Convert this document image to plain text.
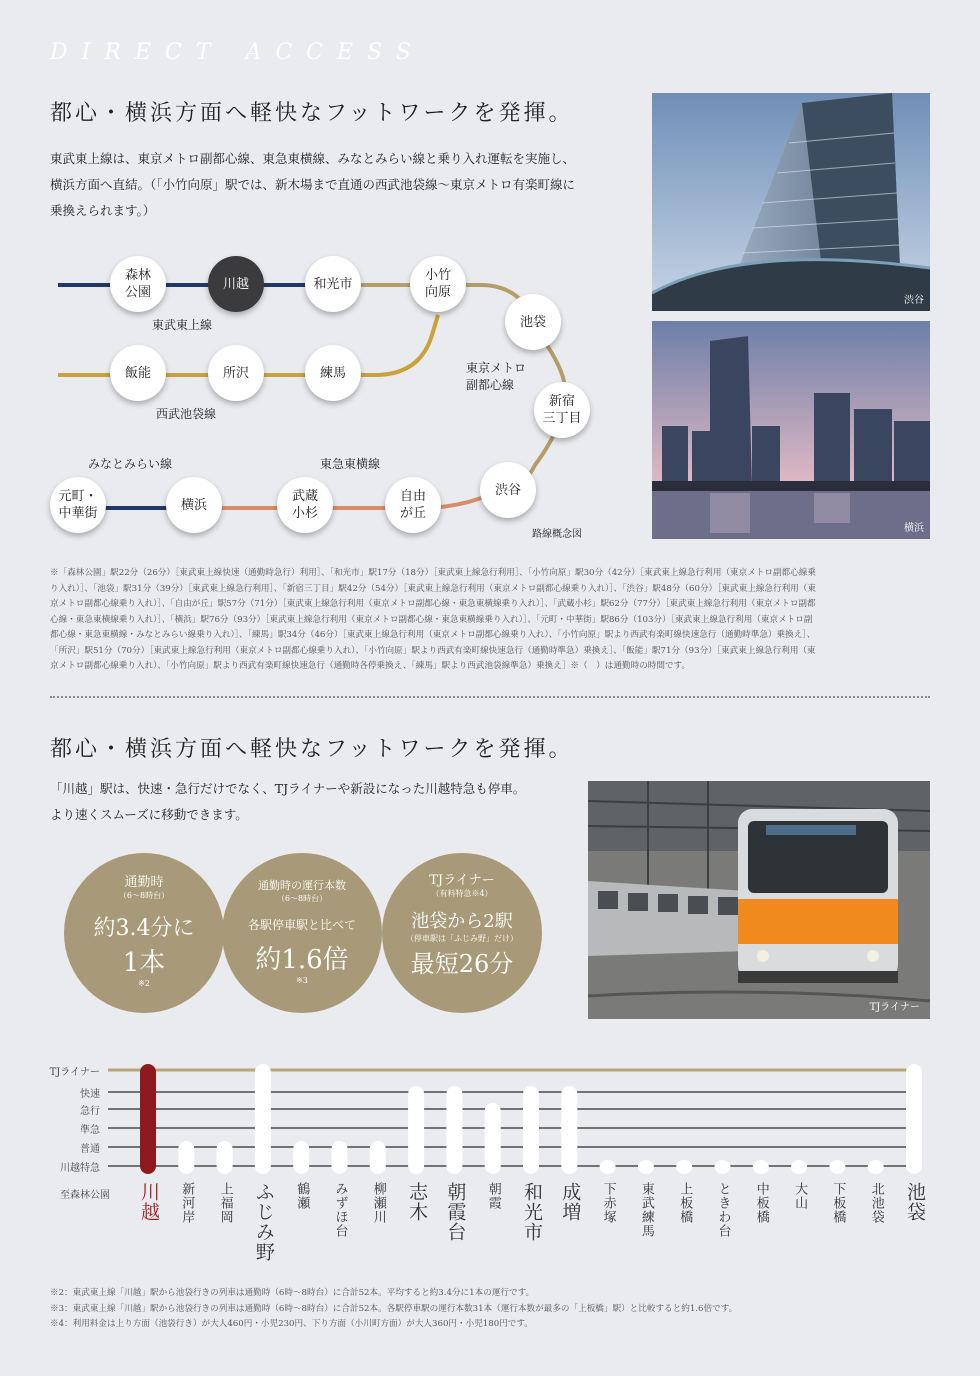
DIRECT ACCESS
都心・横浜方面へ軽快なフットワークを発揮。
東武東上線は、東京メトロ副都心線、東急東横線、みなとみらい線と乗り入れ運転を実施し、
横浜方面へ直結。（「小竹向原」駅では、新木場まで直通の西武池袋線〜東京メトロ有楽町線に
乗換えられます。）
渋谷
横浜
森林
公園
川越	和光市
小竹
向原
池袋
飯能	所沢	練馬
新宿
三丁目
渋谷
元町・
中華街
横浜
武蔵
小杉
自由
が丘
東武東上線
西武池袋線
東京メトロ
副都心線
みなとみらい線	東急東横線
路線概念図
※「森林公園」駅22分（26分）［東武東上線快速（通勤時急行）利用］、「和光市」駅17分（18分）［東武東上線急行利用］、「小竹向原」駅30分（42分）［東武東上線急行利用（東京メトロ副都心線乗
り入れ）］、「池袋」駅31分（39分）［東武東上線急行利用］、「新宿三丁目」駅42分（54分）［東武東上線急行利用（東京メトロ副都心線乗り入れ）］、「渋谷」駅48分（60分）［東武東上線急行利用（東
京メトロ副都心線乗り入れ）］、「自由が丘」駅57分（71分）［東武東上線急行利用（東京メトロ副都心線・東急東横線乗り入れ）］、「武蔵小杉」駅62分（77分）［東武東上線急行利用（東京メトロ副都
心線・東急東横線乗り入れ）］、「横浜」駅76分（93分）［東武東上線急行利用（東京メトロ副都心線・東急東横線乗り入れ）］、「元町・中華街」駅86分（103分）［東武東上線急行利用（東京メトロ副
都心線・東急東横線・みなとみらい線乗り入れ）］、「練馬」駅34分（46分）［東武東上線急行利用（東京メトロ副都心線乗り入れ）、「小竹向原」駅より西武有楽町線快速急行（通勤時準急）乗換え］、
「所沢」駅51分（70分）［東武東上線急行利用（東京メトロ副都心線乗り入れ）、「小竹向原」駅より西武有楽町線快速急行（通勤時準急）乗換え］、「飯能」駅71分（93分）［東武東上線急行利用（東
京メトロ副都心線乗り入れ）、「小竹向原」駅より西武有楽町線快速急行（通勤時各停乗換え、「練馬」駅より西武池袋線準急）乗換え］※（　）は通勤時の時間です。
都心・横浜方面へ軽快なフットワークを発揮。
「川越」駅は、快速・急行だけでなく、TJライナーや新設になった川越特急も停車。
より速くスムーズに移動できます。
TJライナー
通勤時
（6〜8時台）
約3.4分に
1本
※2
通勤時の運行本数
（6〜8時台）
各駅停車駅と比べて
約1.6倍
※3
TJライナー
（有料特急※4）
池袋から2駅
（停車駅は「ふじみ野」だけ）
最短26分
TJライナー
快速
急行
準急
普通
川越特急
至森林公園 川越 新河岸 上福岡 ふじみ野 鶴瀬 みずほ台 柳瀬川 志木 朝霞台 朝霞 和光市 成増 下赤塚 東武練馬 上板橋 ときわ台 中板橋 大山 下板橋 北池袋 池袋
※2：東武東上線「川越」駅から池袋行きの列車は通勤時（6時〜8時台）に合計52本。平均すると約3.4分に1本の運行です。
※3：東武東上線「川越」駅から池袋行きの列車は通勤時（6時〜8時台）に合計52本。各駅停車駅の運行本数31本（運行本数が最多の「上板橋」駅）と比較すると約1.6倍です。
※4：利用料金は上り方面（池袋行き）が大人460円・小児230円、下り方面（小川町方面）が大人360円・小児180円です。
